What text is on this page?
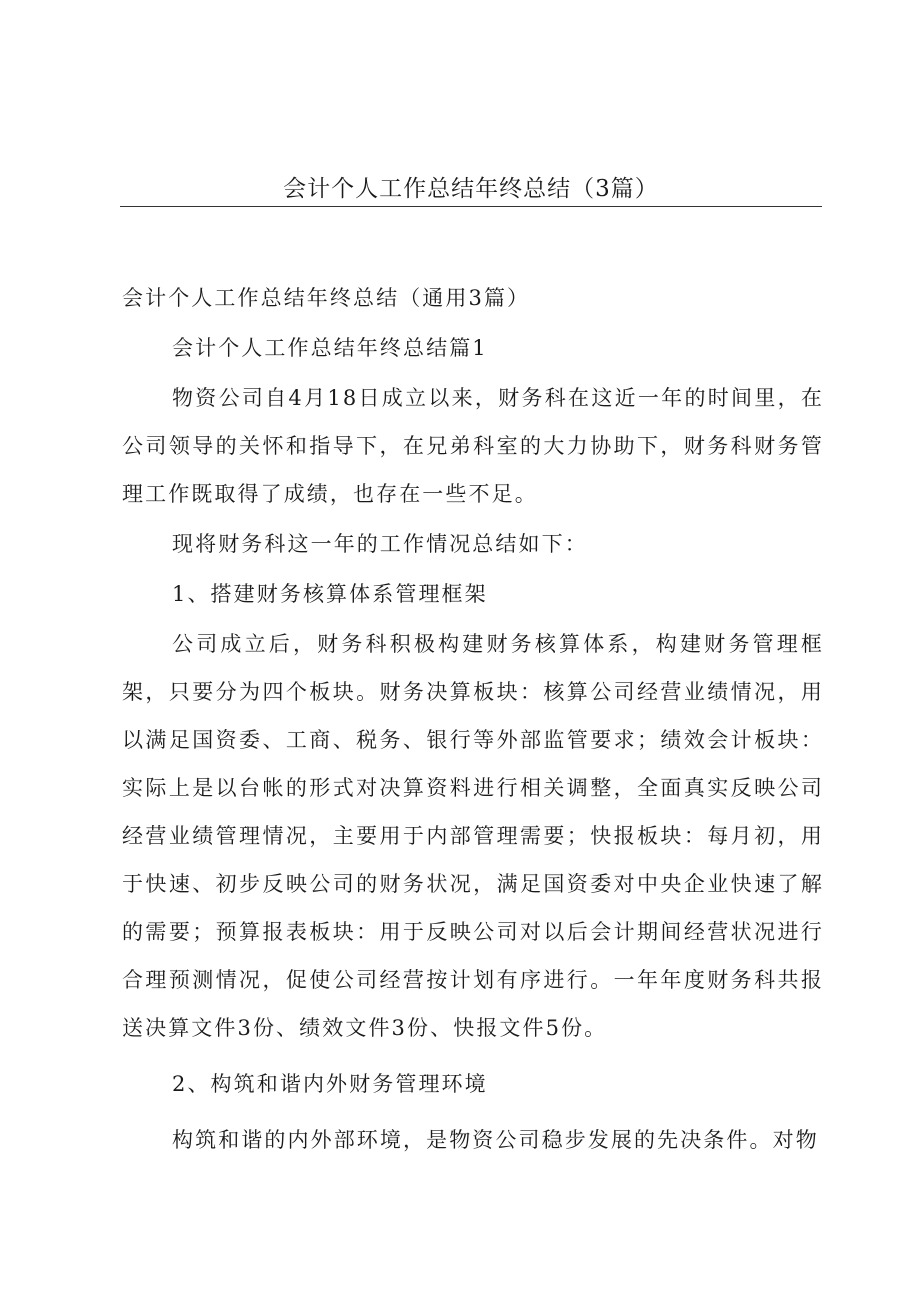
会计个人工作总结年终总结（3篇）

会计个人工作总结年终总结（通用3篇）

会计个人工作总结年终总结篇1

物资公司自4月18日成立以来，财务科在这近一年的时间里，在公司领导的关怀和指导下，在兄弟科室的大力协助下，财务科财务管理工作既取得了成绩，也存在一些不足。

现将财务科这一年的工作情况总结如下：

1、搭建财务核算体系管理框架

公司成立后，财务科积极构建财务核算体系，构建财务管理框架，只要分为四个板块。财务决算板块：核算公司经营业绩情况，用以满足国资委、工商、税务、银行等外部监管要求；绩效会计板块：实际上是以台帐的形式对决算资料进行相关调整，全面真实反映公司经营业绩管理情况，主要用于内部管理需要；快报板块：每月初，用于快速、初步反映公司的财务状况，满足国资委对中央企业快速了解的需要；预算报表板块：用于反映公司对以后会计期间经营状况进行合理预测情况，促使公司经营按计划有序进行。一年年度财务科共报送决算文件3份、绩效文件3份、快报文件5份。

2、构筑和谐内外财务管理环境

构筑和谐的内外部环境，是物资公司稳步发展的先决条件。对物
